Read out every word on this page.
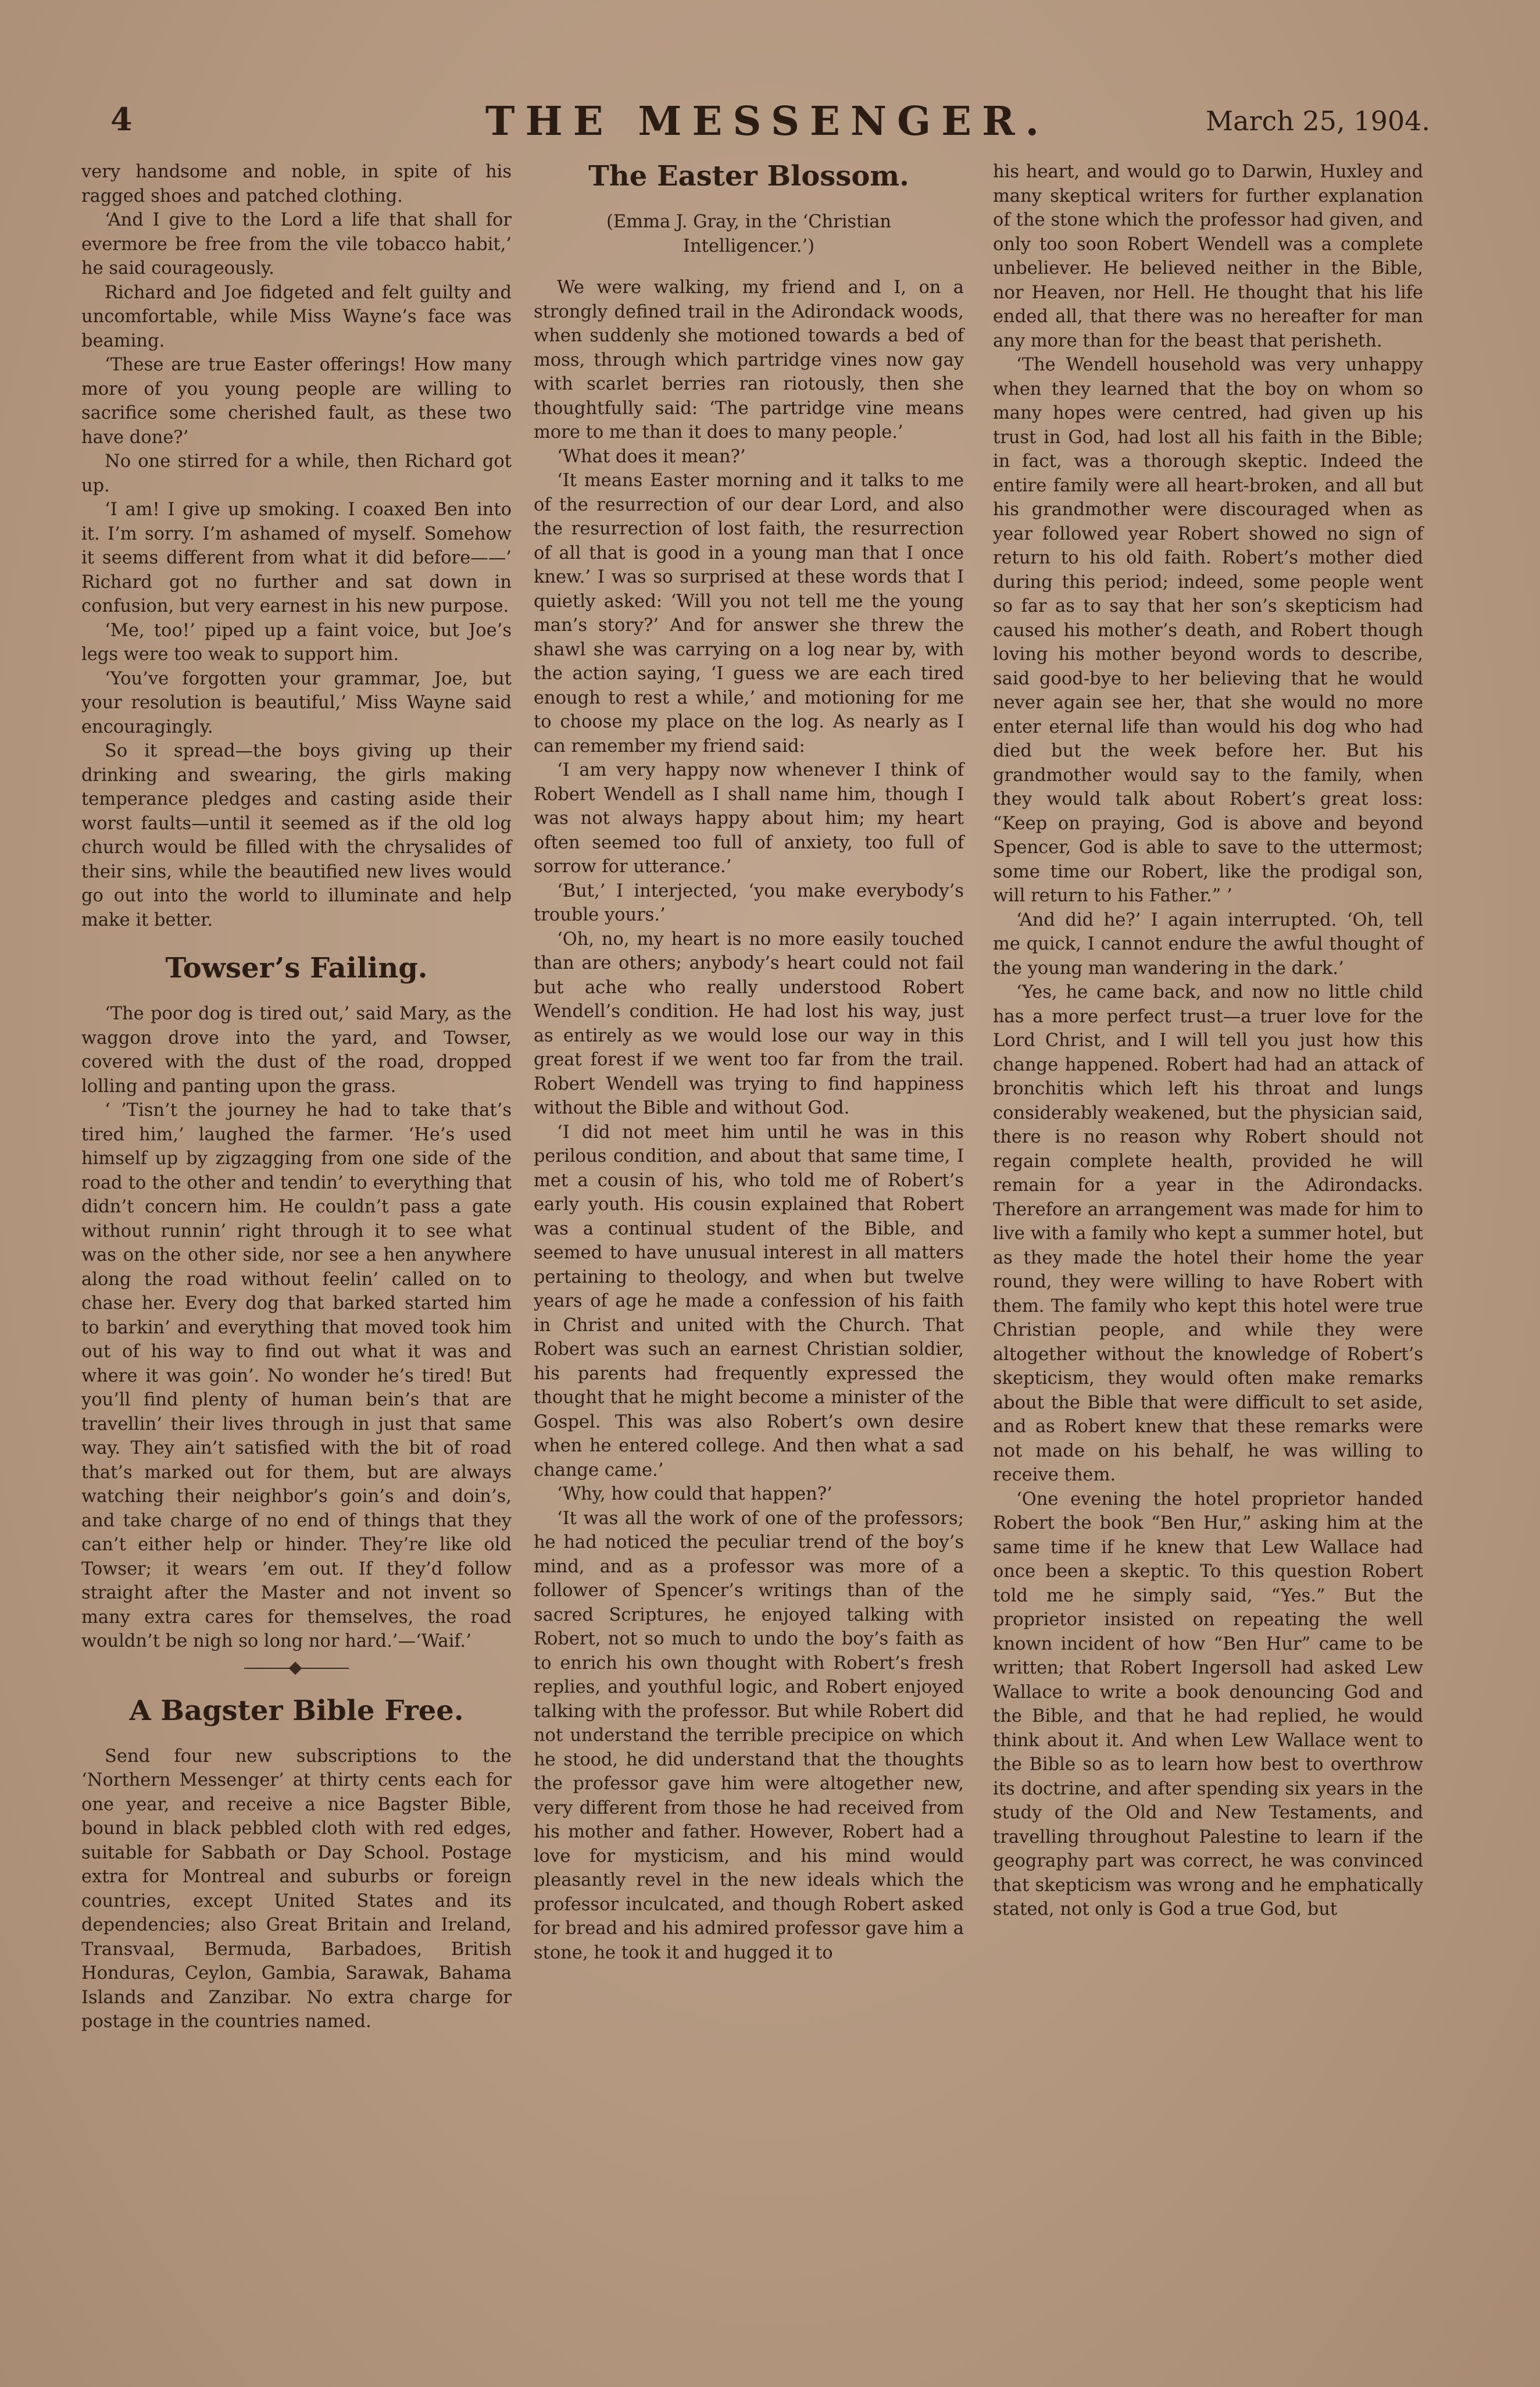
4	THE MESSENGER.	March 25, 1904.

very handsome and noble, in spite of his ragged shoes and patched clothing.

‘And I give to the Lord a life that shall for evermore be free from the vile tobacco habit,’ he said courageously.

Richard and Joe fidgeted and felt guilty and uncomfortable, while Miss Wayne’s face was beaming.

‘These are true Easter offerings! How many more of you young people are willing to sacrifice some cherished fault, as these two have done?’

No one stirred for a while, then Richard got up.

‘I am! I give up smoking. I coaxed Ben into it. I’m sorry. I’m ashamed of myself. Somehow it seems different from what it did before——’ Richard got no further and sat down in confusion, but very earnest in his new purpose.

‘Me, too!’ piped up a faint voice, but Joe’s legs were too weak to support him.

‘You’ve forgotten your grammar, Joe, but your resolution is beautiful,’ Miss Wayne said encouragingly.

So it spread—the boys giving up their drinking and swearing, the girls making temperance pledges and casting aside their worst faults—until it seemed as if the old log church would be filled with the chrysalides of their sins, while the beautified new lives would go out into the world to illuminate and help make it better.

Towser’s Failing.

‘The poor dog is tired out,’ said Mary, as the waggon drove into the yard, and Towser, covered with the dust of the road, dropped lolling and panting upon the grass.

‘ ’Tisn’t the journey he had to take that’s tired him,’ laughed the farmer. ‘He’s used himself up by zigzagging from one side of the road to the other and tendin’ to everything that didn’t concern him. He couldn’t pass a gate without runnin’ right through it to see what was on the other side, nor see a hen anywhere along the road without feelin’ called on to chase her. Every dog that barked started him to barkin’ and everything that moved took him out of his way to find out what it was and where it was goin’. No wonder he’s tired! But you’ll find plenty of human bein’s that are travellin’ their lives through in just that same way. They ain’t satisfied with the bit of road that’s marked out for them, but are always watching their neighbor’s goin’s and doin’s, and take charge of no end of things that they can’t either help or hinder. They’re like old Towser; it wears ’em out. If they’d follow straight after the Master and not invent so many extra cares for themselves, the road wouldn’t be nigh so long nor hard.’—‘Waif.’

A Bagster Bible Free.

Send four new subscriptions to the ‘Northern Messenger’ at thirty cents each for one year, and receive a nice Bagster Bible, bound in black pebbled cloth with red edges, suitable for Sabbath or Day School. Postage extra for Montreal and suburbs or foreign countries, except United States and its dependencies; also Great Britain and Ireland, Transvaal, Bermuda, Barbadoes, British Honduras, Ceylon, Gambia, Sarawak, Bahama Islands and Zanzibar. No extra charge for postage in the countries named.

The Easter Blossom.
(Emma J. Gray, in the ‘Christian Intelligencer.’)

We were walking, my friend and I, on a strongly defined trail in the Adirondack woods, when suddenly she motioned towards a bed of moss, through which partridge vines now gay with scarlet berries ran riotously, then she thoughtfully said: ‘The partridge vine means more to me than it does to many people.’

‘What does it mean?’

‘It means Easter morning and it talks to me of the resurrection of our dear Lord, and also the resurrection of lost faith, the resurrection of all that is good in a young man that I once knew.’ I was so surprised at these words that I quietly asked: ‘Will you not tell me the young man’s story?’ And for answer she threw the shawl she was carrying on a log near by, with the action saying, ‘I guess we are each tired enough to rest a while,’ and motioning for me to choose my place on the log. As nearly as I can remember my friend said:

‘I am very happy now whenever I think of Robert Wendell as I shall name him, though I was not always happy about him; my heart often seemed too full of anxiety, too full of sorrow for utterance.’

‘But,’ I interjected, ‘you make everybody’s trouble yours.’

‘Oh, no, my heart is no more easily touched than are others; anybody’s heart could not fail but ache who really understood Robert Wendell’s condition. He had lost his way, just as entirely as we would lose our way in this great forest if we went too far from the trail. Robert Wendell was trying to find happiness without the Bible and without God.

‘I did not meet him until he was in this perilous condition, and about that same time, I met a cousin of his, who told me of Robert’s early youth. His cousin explained that Robert was a continual student of the Bible, and seemed to have unusual interest in all matters pertaining to theology, and when but twelve years of age he made a confession of his faith in Christ and united with the Church. That Robert was such an earnest Christian soldier, his parents had frequently expressed the thought that he might become a minister of the Gospel. This was also Robert’s own desire when he entered college. And then what a sad change came.’

‘Why, how could that happen?’

‘It was all the work of one of the professors; he had noticed the peculiar trend of the boy’s mind, and as a professor was more of a follower of Spencer’s writings than of the sacred Scriptures, he enjoyed talking with Robert, not so much to undo the boy’s faith as to enrich his own thought with Robert’s fresh replies, and youthful logic, and Robert enjoyed talking with the professor. But while Robert did not understand the terrible precipice on which he stood, he did understand that the thoughts the professor gave him were altogether new, very different from those he had received from his mother and father. However, Robert had a love for mysticism, and his mind would pleasantly revel in the new ideals which the professor inculcated, and though Robert asked for bread and his admired professor gave him a stone, he took it and hugged it to

his heart, and would go to Darwin, Huxley and many skeptical writers for further explanation of the stone which the professor had given, and only too soon Robert Wendell was a complete unbeliever. He believed neither in the Bible, nor Heaven, nor Hell. He thought that his life ended all, that there was no hereafter for man any more than for the beast that perisheth.

‘The Wendell household was very unhappy when they learned that the boy on whom so many hopes were centred, had given up his trust in God, had lost all his faith in the Bible; in fact, was a thorough skeptic. Indeed the entire family were all heart-broken, and all but his grandmother were discouraged when as year followed year Robert showed no sign of return to his old faith. Robert’s mother died during this period; indeed, some people went so far as to say that her son’s skepticism had caused his mother’s death, and Robert though loving his mother beyond words to describe, said good-bye to her believing that he would never again see her, that she would no more enter eternal life than would his dog who had died but the week before her. But his grandmother would say to the family, when they would talk about Robert’s great loss: “Keep on praying, God is above and beyond Spencer, God is able to save to the uttermost; some time our Robert, like the prodigal son, will return to his Father.” ’

‘And did he?’ I again interrupted. ‘Oh, tell me quick, I cannot endure the awful thought of the young man wandering in the dark.’

‘Yes, he came back, and now no little child has a more perfect trust—a truer love for the Lord Christ, and I will tell you just how this change happened. Robert had had an attack of bronchitis which left his throat and lungs considerably weakened, but the physician said, there is no reason why Robert should not regain complete health, provided he will remain for a year in the Adirondacks. Therefore an arrangement was made for him to live with a family who kept a summer hotel, but as they made the hotel their home the year round, they were willing to have Robert with them. The family who kept this hotel were true Christian people, and while they were altogether without the knowledge of Robert’s skepticism, they would often make remarks about the Bible that were difficult to set aside, and as Robert knew that these remarks were not made on his behalf, he was willing to receive them.

‘One evening the hotel proprietor handed Robert the book “Ben Hur,” asking him at the same time if he knew that Lew Wallace had once been a skeptic. To this question Robert told me he simply said, “Yes.” But the proprietor insisted on repeating the well known incident of how “Ben Hur” came to be written; that Robert Ingersoll had asked Lew Wallace to write a book denouncing God and the Bible, and that he had replied, he would think about it. And when Lew Wallace went to the Bible so as to learn how best to overthrow its doctrine, and after spending six years in the study of the Old and New Testaments, and travelling throughout Palestine to learn if the geography part was correct, he was convinced that skepticism was wrong and he emphatically stated, not only is God a true God, but
